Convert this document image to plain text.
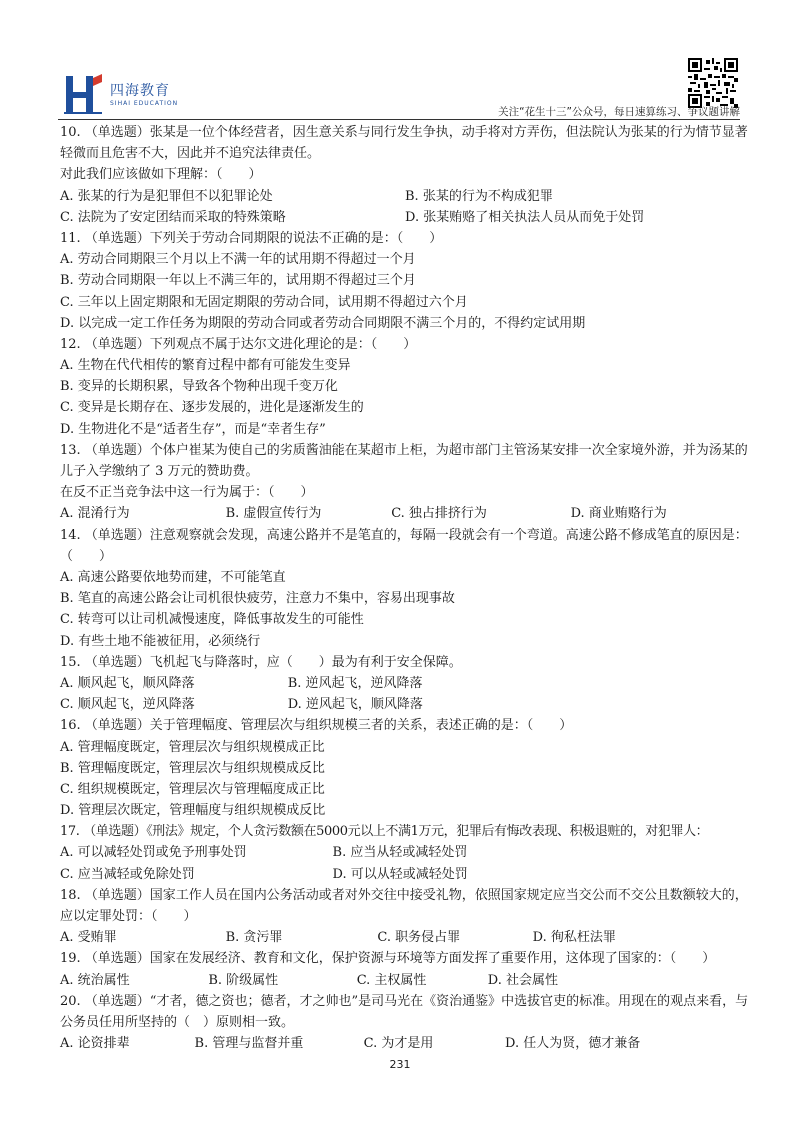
四海教育
SIHAI EDUCATION
关注“花生十三”公众号，每日速算练习、争议题讲解
10. （单选题）张某是一位个体经营者，因生意关系与同行发生争执，动手将对方弄伤，但法院认为张某的行为情节显著轻微而且危害不大，因此并不追究法律责任。
对此我们应该做如下理解：（　　）
A. 张某的行为是犯罪但不以犯罪论处	B. 张某的行为不构成犯罪
C. 法院为了安定团结而采取的特殊策略	D. 张某贿赂了相关执法人员从而免于处罚
11. （单选题）下列关于劳动合同期限的说法不正确的是：（　　）
A. 劳动合同期限三个月以上不满一年的试用期不得超过一个月
B. 劳动合同期限一年以上不满三年的，试用期不得超过三个月
C. 三年以上固定期限和无固定期限的劳动合同，试用期不得超过六个月
D. 以完成一定工作任务为期限的劳动合同或者劳动合同期限不满三个月的，不得约定试用期
12. （单选题）下列观点不属于达尔文进化理论的是：（　　）
A. 生物在代代相传的繁育过程中都有可能发生变异
B. 变异的长期积累，导致各个物种出现千变万化
C. 变异是长期存在、逐步发展的，进化是逐渐发生的
D. 生物进化不是“适者生存”，而是“幸者生存”
13. （单选题）个体户崔某为使自己的劣质酱油能在某超市上柜，为超市部门主管汤某安排一次全家境外游，并为汤某的儿子入学缴纳了 3 万元的赞助费。
在反不正当竞争法中这一行为属于：（　　）
A. 混淆行为	B. 虚假宣传行为	C. 独占排挤行为	D. 商业贿赂行为
14. （单选题）注意观察就会发现，高速公路并不是笔直的，每隔一段就会有一个弯道。高速公路不修成笔直的原因是：（　　）
A. 高速公路要依地势而建，不可能笔直
B. 笔直的高速公路会让司机很快疲劳，注意力不集中，容易出现事故
C. 转弯可以让司机减慢速度，降低事故发生的可能性
D. 有些土地不能被征用，必须绕行
15. （单选题）飞机起飞与降落时，应（　　）最为有利于安全保障。
A. 顺风起飞，顺风降落	B. 逆风起飞，逆风降落
C. 顺风起飞，逆风降落	D. 逆风起飞，顺风降落
16. （单选题）关于管理幅度、管理层次与组织规模三者的关系，表述正确的是：（　　）
A. 管理幅度既定，管理层次与组织规模成正比
B. 管理幅度既定，管理层次与组织规模成反比
C. 组织规模既定，管理层次与管理幅度成正比
D. 管理层次既定，管理幅度与组织规模成反比
17. （单选题）《刑法》规定，个人贪污数额在5000元以上不满1万元，犯罪后有悔改表现、积极退赃的，对犯罪人：
A. 可以减轻处罚或免予刑事处罚	B. 应当从轻或减轻处罚
C. 应当减轻或免除处罚	D. 可以从轻或减轻处罚
18. （单选题）国家工作人员在国内公务活动或者对外交往中接受礼物，依照国家规定应当交公而不交公且数额较大的，应以定罪处罚：（　　）
A. 受贿罪	B. 贪污罪	C. 职务侵占罪	D. 徇私枉法罪
19. （单选题）国家在发展经济、教育和文化，保护资源与环境等方面发挥了重要作用，这体现了国家的：（　　）
A. 统治属性	B. 阶级属性	C. 主权属性	D. 社会属性
20. （单选题）“才者，德之资也；德者，才之帅也”是司马光在《资治通鉴》中选拔官吏的标准。用现在的观点来看，与公务员任用所坚持的（　）原则相一致。
A. 论资排辈	B. 管理与监督并重	C. 为才是用	D. 任人为贤，德才兼备
231
